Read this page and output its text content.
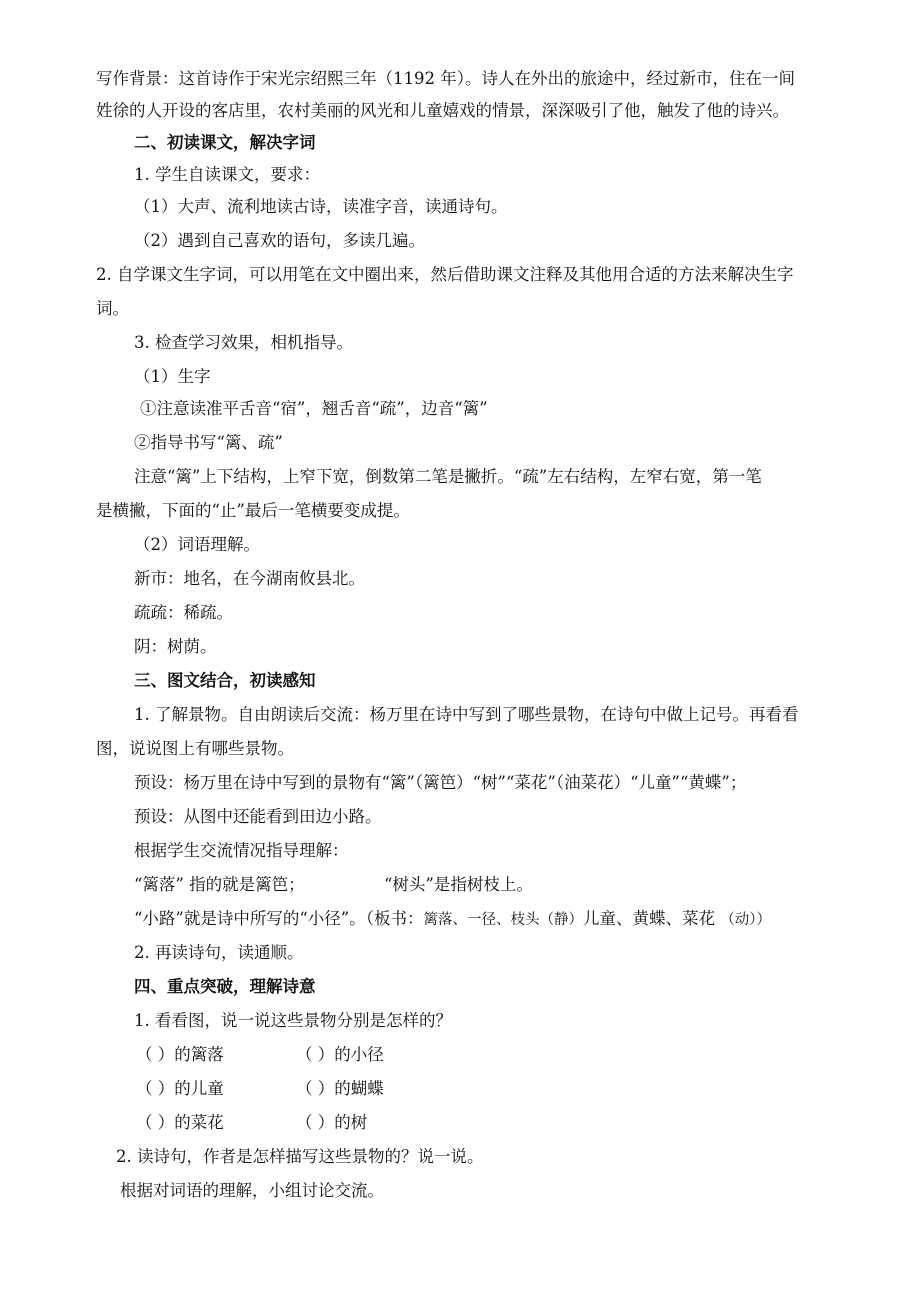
写作背景：这首诗作于宋光宗绍熙三年（1192 年）。诗人在外出的旅途中，经过新市，住在一间
姓徐的人开设的客店里，农村美丽的风光和儿童嬉戏的情景，深深吸引了他，触发了他的诗兴。
二、初读课文，解决字词
1. 学生自读课文，要求：
（1）大声、流利地读古诗，读准字音，读通诗句。
（2）遇到自己喜欢的语句，多读几遍。
2. 自学课文生字词，可以用笔在文中圈出来，然后借助课文注释及其他用合适的方法来解决生字
词。
3. 检查学习效果，相机指导。
（1）生字
①注意读准平舌音“宿”，翘舌音“疏”，边音“篱”
②指导书写“篱、疏”
注意“篱”上下结构，上窄下宽，倒数第二笔是撇折。“疏”左右结构，左窄右宽，第一笔
是横撇，下面的“止”最后一笔横要变成提。
（2）词语理解。
新市：地名，在今湖南攸县北。
疏疏：稀疏。
阴：树荫。
三、图文结合，初读感知
1. 了解景物。自由朗读后交流：杨万里在诗中写到了哪些景物，在诗句中做上记号。再看看
图，说说图上有哪些景物。
预设：杨万里在诗中写到的景物有“篱”（篱笆）“树”“菜花”（油菜花）“儿童”“黄蝶”；
预设：从图中还能看到田边小路。
根据学生交流情况指导理解：
“篱落” 指的就是篱笆；	“树头”是指树枝上。
“小路”就是诗中所写的“小径”。（板书：篱落、一径、枝头（静）儿童、黄蝶、菜花 （动））
2. 再读诗句，读通顺。
四、重点突破，理解诗意
1. 看看图，说一说这些景物分别是怎样的？
（ ）的篱落	（ ）的小径
（ ）的儿童	（ ）的蝴蝶
（ ）的菜花	（ ）的树
2. 读诗句，作者是怎样描写这些景物的？说一说。
根据对词语的理解，小组讨论交流。
